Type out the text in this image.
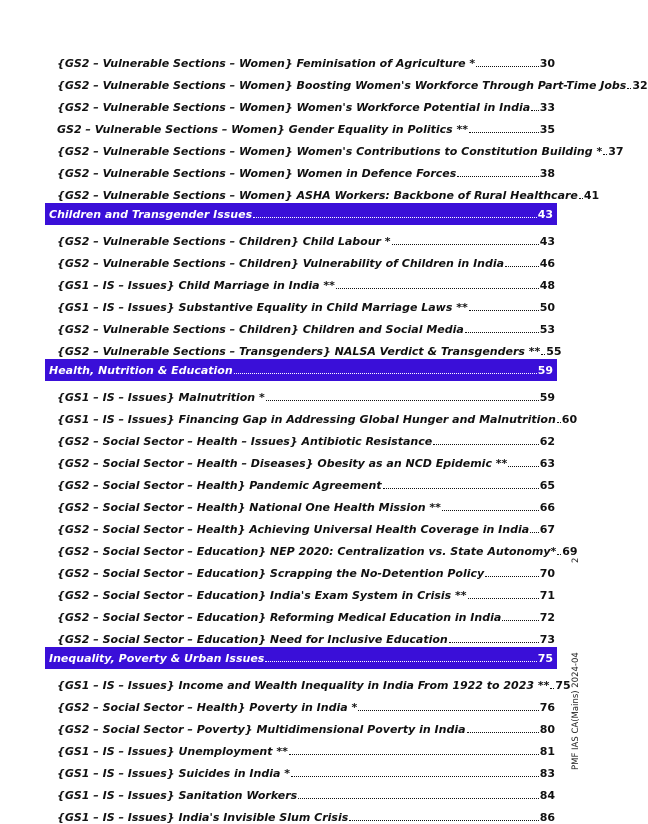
{GS2 – Vulnerable Sections – Women} Feminisation of Agriculture *	30
{GS2 – Vulnerable Sections – Women} Boosting Women's Workforce Through Part-Time Jobs 32
{GS2 – Vulnerable Sections – Women} Women's Workforce Potential in India 33
GS2 – Vulnerable Sections – Women} Gender Equality in Politics **	35
{GS2 – Vulnerable Sections – Women} Women's Contributions to Constitution Building * 37
{GS2 – Vulnerable Sections – Women} Women in Defence Forces	38
{GS2 – Vulnerable Sections – Women} ASHA Workers: Backbone of Rural Healthcare 41
Children and Transgender Issues	43
{GS2 – Vulnerable Sections – Children} Child Labour *	43
{GS2 – Vulnerable Sections – Children} Vulnerability of Children in India	46
{GS1 – IS – Issues} Child Marriage in India **	48
{GS1 – IS – Issues} Substantive Equality in Child Marriage Laws **	50
{GS2 – Vulnerable Sections – Children} Children and Social Media	53
{GS2 – Vulnerable Sections – Transgenders} NALSA Verdict & Transgenders ** 55
Health, Nutrition & Education	59
{GS1 – IS – Issues} Malnutrition *	59
{GS1 – IS – Issues} Financing Gap in Addressing Global Hunger and Malnutrition 60
{GS2 – Social Sector – Health – Issues} Antibiotic Resistance	62
{GS2 – Social Sector – Health – Diseases} Obesity as an NCD Epidemic **	63
{GS2 – Social Sector – Health} Pandemic Agreement	65
{GS2 – Social Sector – Health} National One Health Mission **	66
{GS2 – Social Sector – Health} Achieving Universal Health Coverage in India 67
{GS2 – Social Sector – Education} NEP 2020: Centralization vs. State Autonomy* 69
{GS2 – Social Sector – Education} Scrapping the No-Detention Policy	70
{GS2 – Social Sector – Education} India's Exam System in Crisis **	71
{GS2 – Social Sector – Education} Reforming Medical Education in India	72
{GS2 – Social Sector – Education} Need for Inclusive Education	73
Inequality, Poverty & Urban Issues	75
{GS1 – IS – Issues} Income and Wealth Inequality in India From 1922 to 2023 ** 75
{GS2 – Social Sector – Health} Poverty in India *	76
{GS2 – Social Sector – Poverty} Multidimensional Poverty in India	80
{GS1 – IS – Issues} Unemployment **	81
{GS1 – IS – Issues} Suicides in India *	83
{GS1 – IS – Issues} Sanitation Workers	84
{GS1 – IS – Issues} India's Invisible Slum Crisis	86
2
PMF IAS CA(Mains) 2024-04
